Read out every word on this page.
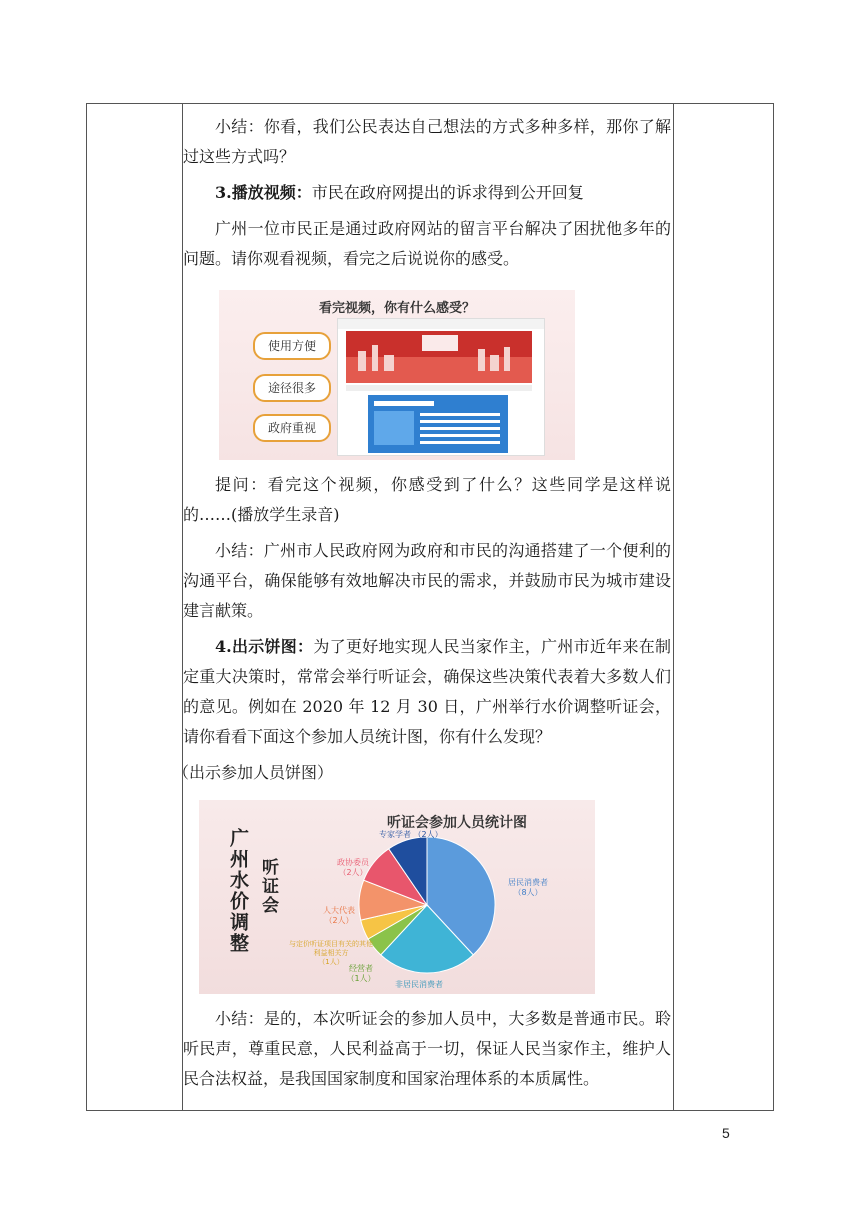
小结：你看，我们公民表达自己想法的方式多种多样，那你了解过这些方式吗？

3.播放视频：市民在政府网提出的诉求得到公开回复

广州一位市民正是通过政府网站的留言平台解决了困扰他多年的问题。请你观看视频，看完之后说说你的感受。

看完视频，你有什么感受？
使用方便
途径很多
政府重视

提问：看完这个视频，你感受到了什么？这些同学是这样说的……(播放学生录音)

小结：广州市人民政府网为政府和市民的沟通搭建了一个便利的沟通平台，确保能够有效地解决市民的需求，并鼓励市民为城市建设建言献策。

4.出示饼图：为了更好地实现人民当家作主，广州市近年来在制定重大决策时，常常会举行听证会，确保这些决策代表着大多数人们的意见。例如在 2020 年 12 月 30 日，广州举行水价调整听证会，请你看看下面这个参加人员统计图，你有什么发现？

（出示参加人员饼图）

听证会参加人员统计图
广州水价调整 听证会
专家学者 （2人）
政协委员
（2人）
人大代表
（2人）
与定价听证项目有关的其他利益相关方
（1人）
经营者
（1人）
非居民消费者
居民消费者
（8人）

小结：是的，本次听证会的参加人员中，大多数是普通市民。聆听民声，尊重民意，人民利益高于一切，保证人民当家作主，维护人民合法权益，是我国国家制度和国家治理体系的本质属性。

5
